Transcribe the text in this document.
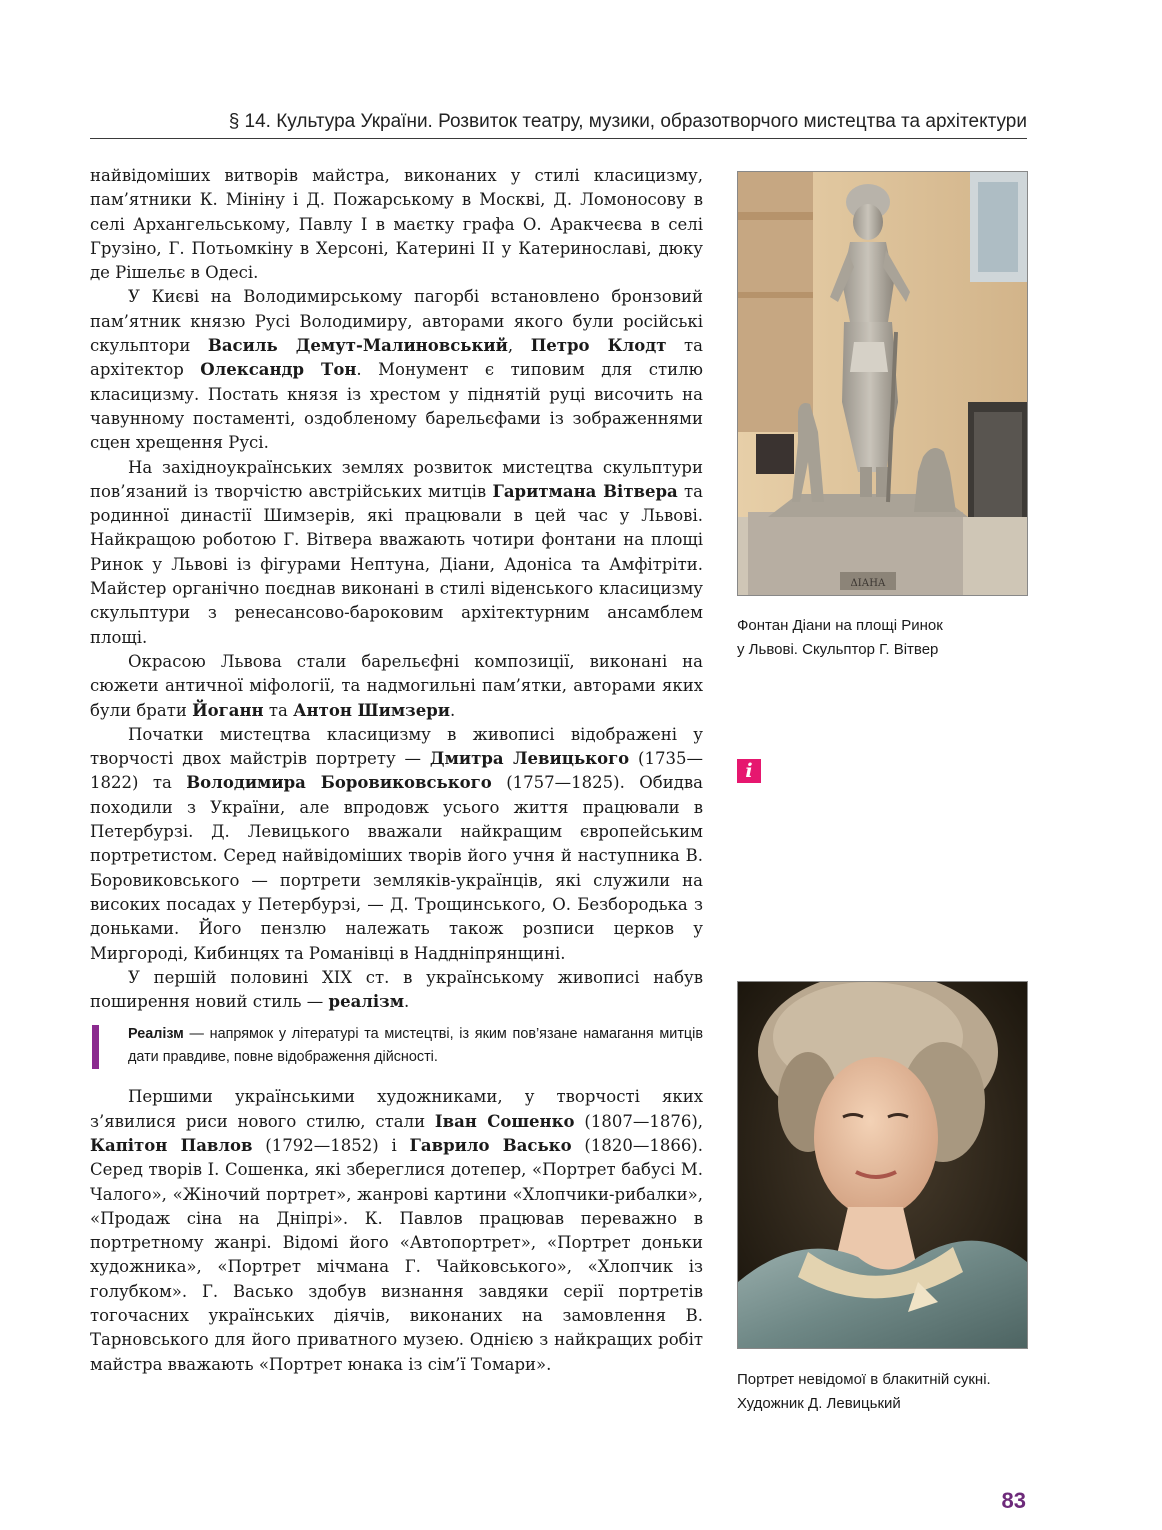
§ 14. Культура України. Розвиток театру, музики, образотворчого мистецтва та архітектури

найвідоміших витворів майстра, виконаних у стилі класицизму, пам’ятники К. Мініну і Д. Пожарському в Москві, Д. Ломоносову в селі Архангельському, Павлу І в маєтку графа О. Аракчеєва в селі Грузіно, Г. Потьомкіну в Херсоні, Катерині ІІ у Катеринославі, дюку де Рішельє в Одесі.

У Києві на Володимирському пагорбі встановлено бронзовий пам’ятник князю Русі Володимиру, авторами якого були російські скульптори Василь Демут-Малиновський, Петро Клодт та архітектор Олександр Тон. Монумент є типовим для стилю класицизму. Постать князя із хрестом у піднятій руці височить на чавунному постаменті, оздобленому барельєфами із зображеннями сцен хрещення Русі.

На західноукраїнських землях розвиток мистецтва скульптури пов’язаний із творчістю австрійських митців Гаритмана Вітвера та родинної династії Шимзерів, які працювали в цей час у Львові. Найкращою роботою Г. Вітвера вважають чотири фонтани на площі Ринок у Львові із фігурами Нептуна, Діани, Адоніса та Амфітріти. Майстер органічно поєднав виконані в стилі віденського класицизму скульптури з ренесансово-бароковим архітектурним ансамблем площі.

Окрасою Львова стали барельєфні композиції, виконані на сюжети античної міфології, та надмогильні пам’ятки, авторами яких були брати Йоганн та Антон Шимзери.

Початки мистецтва класицизму в живописі відображені у творчості двох майстрів портрету — Дмитра Левицького (1735—1822) та Володимира Боровиковського (1757—1825). Обидва походили з України, але впродовж усього життя працювали в Петербурзі. Д. Левицького вважали найкращим європейським портретистом. Серед найвідоміших творів його учня й наступника В. Боровиковського — портрети земляків-українців, які служили на високих посадах у Петербурзі, — Д. Трощинського, О. Безбородька з доньками. Його пензлю належать також розписи церков у Миргороді, Кибинцях та Романівці в Наддніпрянщині.

У першій половині XIX ст. в українському живописі набув поширення новий стиль — реалізм.

Реалізм — напрямок у літературі та мистецтві, із яким пов’язане намагання митців дати правдиве, повне відображення дійсності.

Першими українськими художниками, у творчості яких з’явилися риси нового стилю, стали Іван Сошенко (1807—1876), Капітон Павлов (1792—1852) і Гаврило Васько (1820—1866). Серед творів І. Сошенка, які збереглися дотепер, «Портрет бабусі М. Чалого», «Жіночий портрет», жанрові картини «Хлопчики-рибалки», «Продаж сіна на Дніпрі». К. Павлов працював переважно в портретному жанрі. Відомі його «Автопортрет», «Портрет доньки художника», «Портрет мічмана Г. Чайковського», «Хлопчик із голубком». Г. Васько здобув визнання завдяки серії портретів тогочасних українських діячів, виконаних на замовлення В. Тарновського для його приватного музею. Однією з найкращих робіт майстра вважають «Портрет юнака із сім’ї Томари».

ΔІАНА
Фонтан Діани на площі Ринок
у Львові. Скульптор Г. Вітвер
i
Портрет невідомої в блакитній сукні.
Художник Д. Левицький
83
